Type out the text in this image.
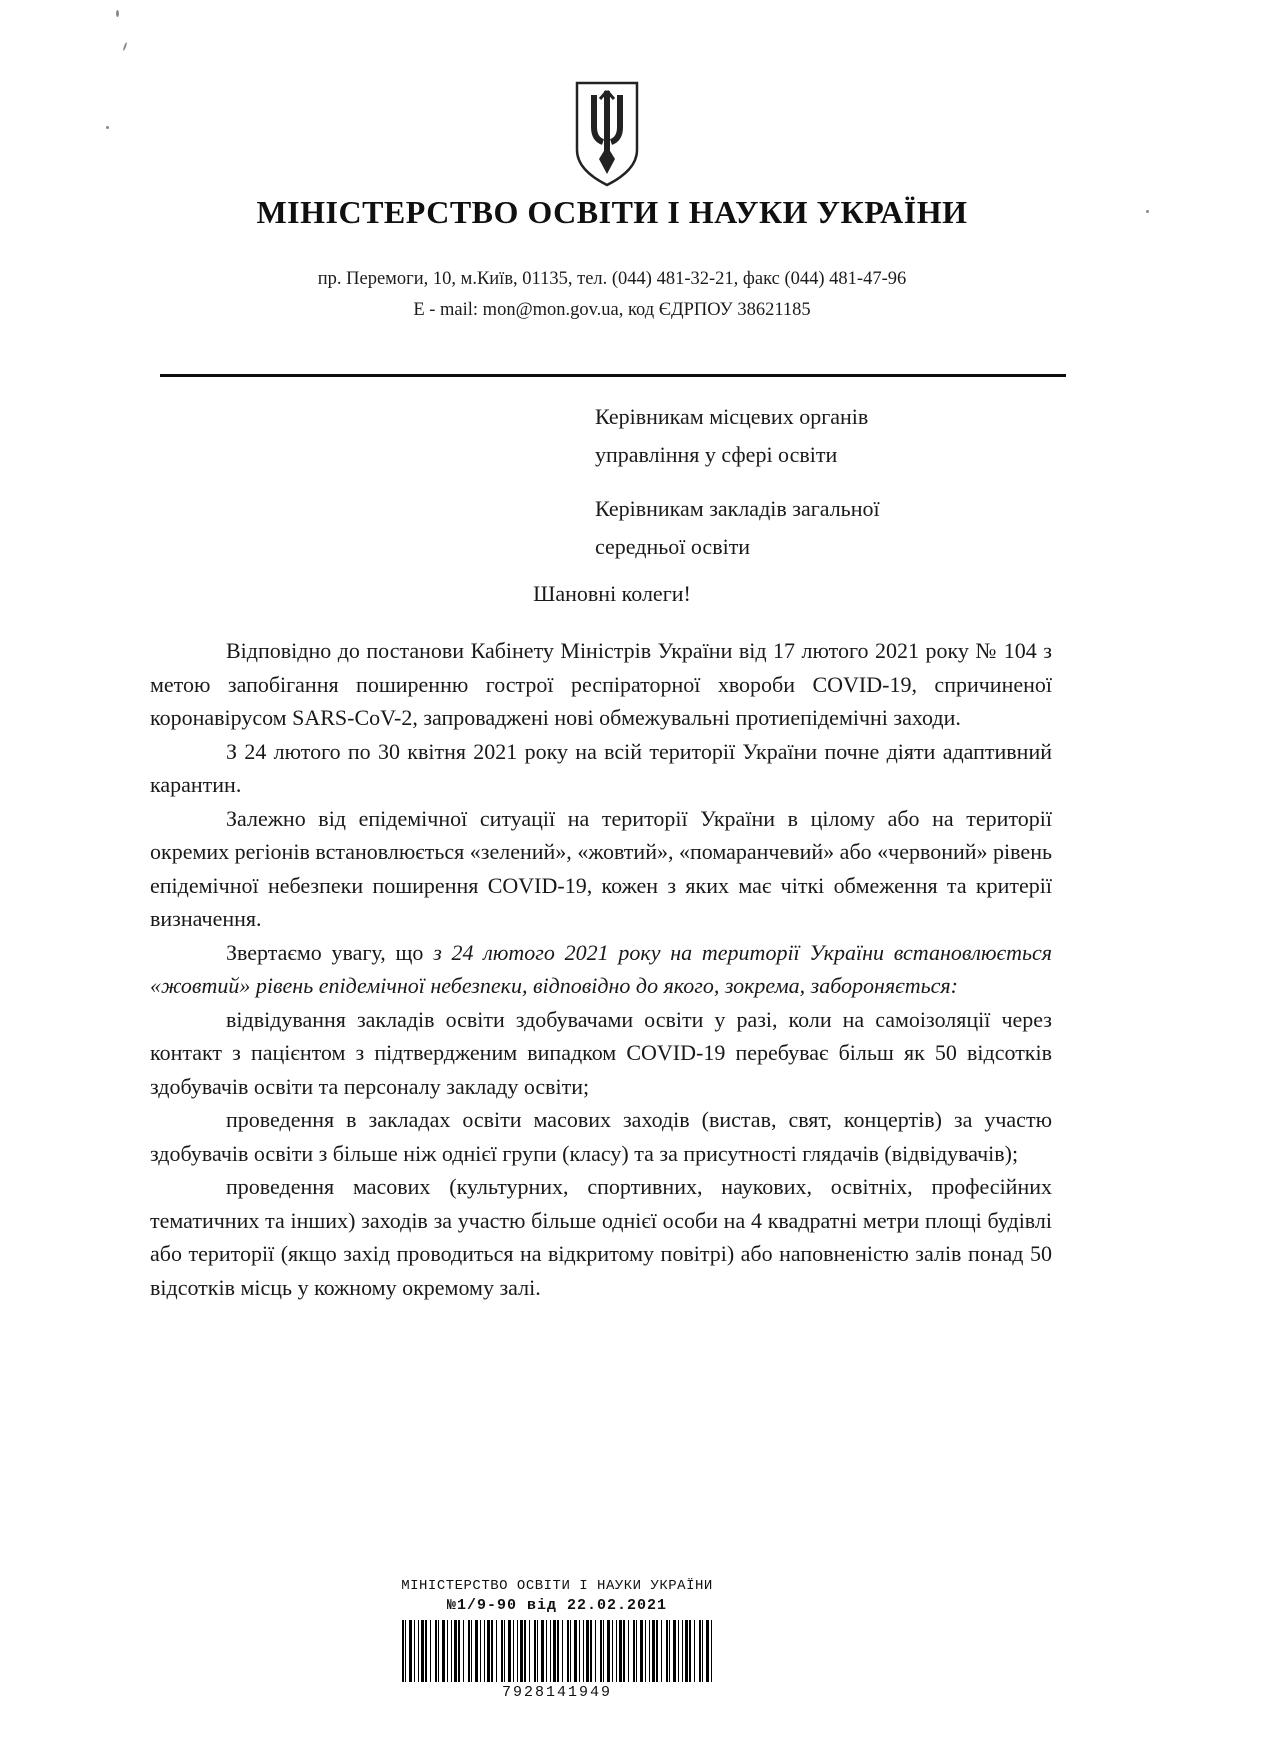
МІНІСТЕРСТВО ОСВІТИ І НАУКИ УКРАЇНИ
пр. Перемоги, 10, м.Київ, 01135, тел. (044) 481-32-21, факс (044) 481-47-96
E - mail: mon@mon.gov.ua, код ЄДРПОУ 38621185
Керівникам місцевих органів управління у сфері освіти
Керівникам закладів загальної середньої освіти
Шановні колеги!

Відповідно до постанови Кабінету Міністрів України від 17 лютого 2021 року № 104 з метою запобігання поширенню гострої респіраторної хвороби COVID-19, спричиненої коронавірусом SARS-CoV-2, запроваджені нові обмежувальні протиепідемічні заходи.

З 24 лютого по 30 квітня 2021 року на всій території України почне діяти адаптивний карантин.

Залежно від епідемічної ситуації на території України в цілому або на території окремих регіонів встановлюється «зелений», «жовтий», «помаранчевий» або «червоний» рівень епідемічної небезпеки поширення COVID-19, кожен з яких має чіткі обмеження та критерії визначення.

Звертаємо увагу, що з 24 лютого 2021 року на території України встановлюється «жовтий» рівень епідемічної небезпеки, відповідно до якого, зокрема, забороняється:

відвідування закладів освіти здобувачами освіти у разі, коли на самоізоляції через контакт з пацієнтом з підтвердженим випадком COVID-19 перебуває більш як 50 відсотків здобувачів освіти та персоналу закладу освіти;

проведення в закладах освіти масових заходів (вистав, свят, концертів) за участю здобувачів освіти з більше ніж однієї групи (класу) та за присутності глядачів (відвідувачів);

проведення масових (культурних, спортивних, наукових, освітніх, професійних тематичних та інших) заходів за участю більше однієї особи на 4 квадратні метри площі будівлі або території (якщо захід проводиться на відкритому повітрі) або наповненістю залів понад 50 відсотків місць у кожному окремому залі.

МІНІСТЕРСТВО ОСВІТИ І НАУКИ УКРАЇНИ
№1/9-90 від 22.02.2021
7928141949
